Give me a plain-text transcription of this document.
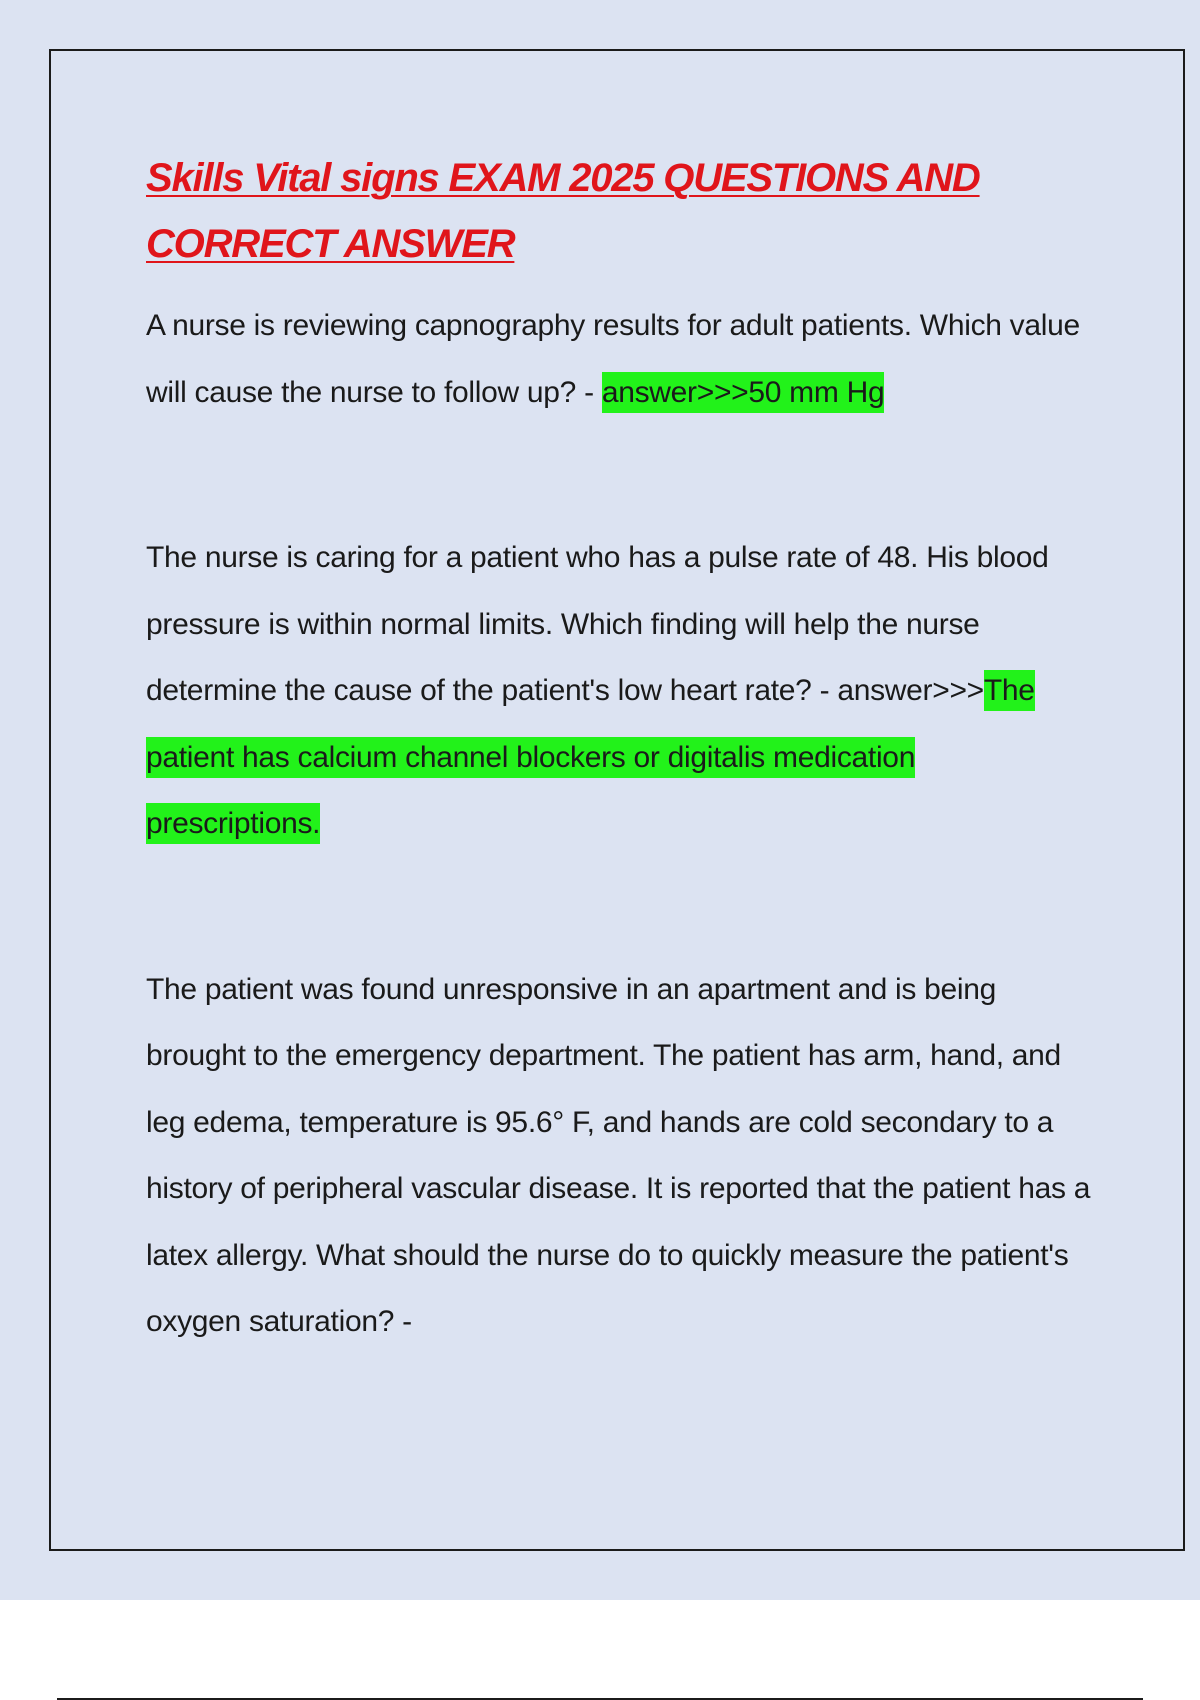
Skills Vital signs EXAM 2025 QUESTIONS AND CORRECT ANSWER

A nurse is reviewing capnography results for adult patients. Which value will cause the nurse to follow up? - answer>>>50 mm Hg

The nurse is caring for a patient who has a pulse rate of 48. His blood pressure is within normal limits. Which finding will help the nurse determine the cause of the patient's low heart rate? - answer>>>The patient has calcium channel blockers or digitalis medication prescriptions.

The patient was found unresponsive in an apartment and is being brought to the emergency department. The patient has arm, hand, and leg edema, temperature is 95.6° F, and hands are cold secondary to a history of peripheral vascular disease. It is reported that the patient has a latex allergy. What should the nurse do to quickly measure the patient's oxygen saturation? -
